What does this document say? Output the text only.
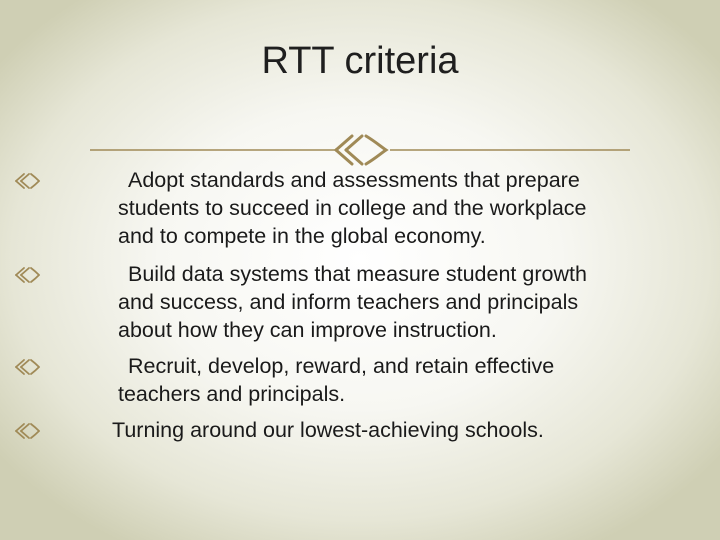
RTT criteria
Adopt standards and assessments that prepare
students to succeed in college and the workplace
and to compete in the global economy.
Build data systems that measure student growth
and success, and inform teachers and principals
about how they can improve instruction.
Recruit, develop, reward, and retain effective
teachers and principals.
Turning around our lowest-achieving schools.
